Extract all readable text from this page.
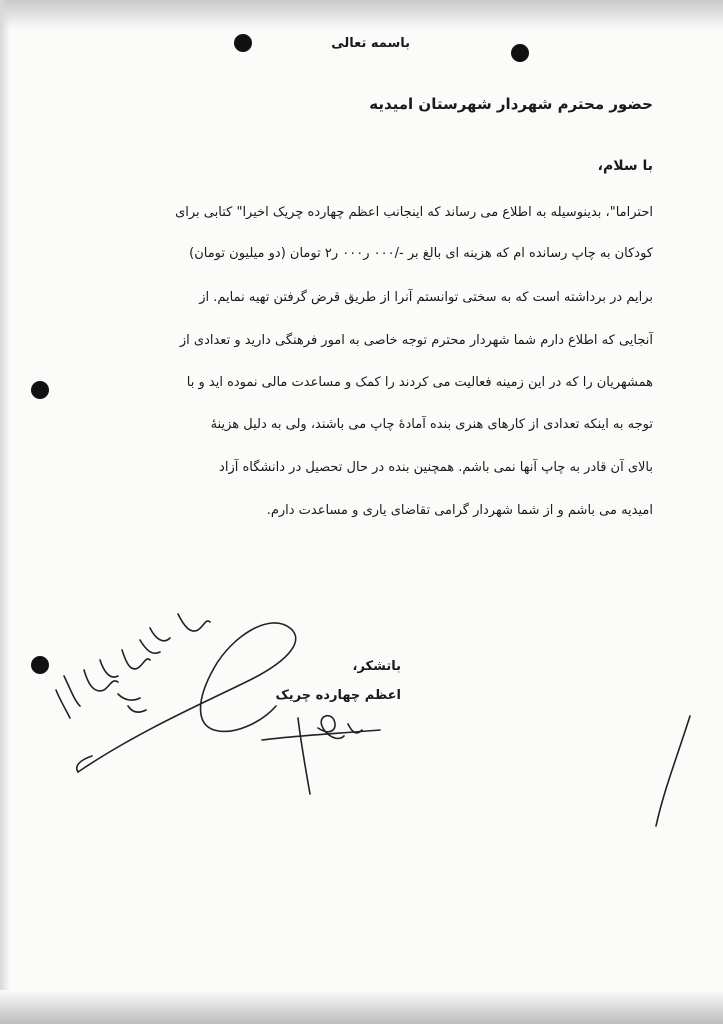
باسمه تعالی
حضور محترم شهردار شهرستان امیدیه
با سلام،
احتراما"، بدینوسیله به اطلاع می رساند که اینجانب اعظم چهارده چریک اخیرا" کتابی برای
کودکان به چاپ رسانده ام که هزینه ای بالغ بر -/۰۰۰ ر۰۰۰ ر۲ تومان (دو میلیون تومان)
برایم در برداشته است که به سختی توانستم آنرا از طریق قرض گرفتن تهیه نمایم. از
آنجایی که اطلاع دارم شما شهردار محترم توجه خاصی به امور فرهنگی دارید و تعدادی از
همشهریان را که در این زمینه فعالیت می کردند را کمک و مساعدت مالی نموده اید و با
توجه به اینکه تعدادی از کارهای هنری بنده آمادۀ چاپ می باشند، ولی به دلیل هزینۀ
بالای آن قادر به چاپ آنها نمی باشم. همچنین بنده در حال تحصیل در دانشگاه آزاد
امیدیه می باشم و از شما شهردار گرامی تقاضای یاری و مساعدت دارم.
باتشکر،
اعظم چهارده چریک
